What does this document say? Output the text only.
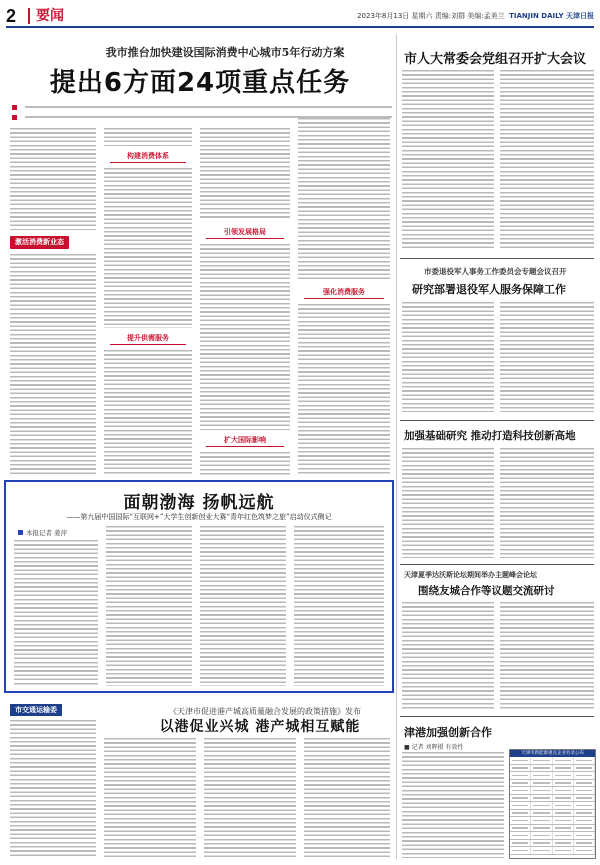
2	要闻	2023年8月13日 星期六 责编:刘群 美编:孟美兰 TIANJIN DAILY 天津日报
我市推台加快建设国际消费中心城市5年行动方案
提出6方面24项重点任务
激活消费新业态
构建消费体系
提升供需服务
引领发展格局
扩大国际影响
强化消费服务
市人大常委会党组召开扩大会议
市委退役军人事务工作委员会专题会议召开
研究部署退役军人服务保障工作
加强基础研究 推动打造科技创新高地
天津夏季达沃斯论坛期间举办主题峰会论坛
围绕友城合作等议题交流研讨
津港加强创新合作
■ 记者 刘晖摄 有效性
天津市新能源重点企业名录公布
面朝渤海 扬帆远航
——第九届中国国际“互联网+”大学生创新创业大赛“青年红色筑梦之旅”启动仪式侧记
本报记者 姜萍
市交通运输委	《天津市促进港产城高质量融合发展的政策措施》发布
以港促业兴城 港产城相互赋能
